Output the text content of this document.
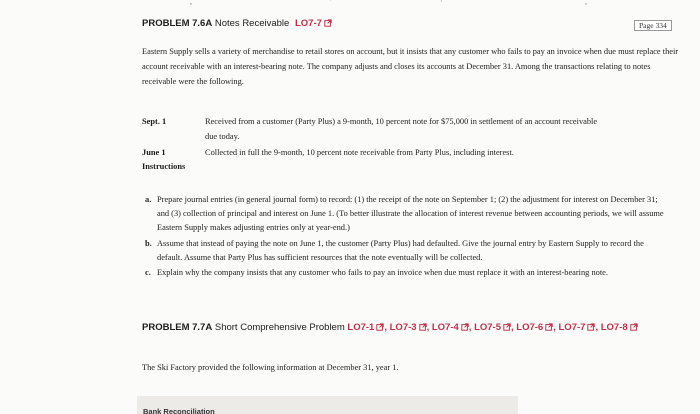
,	'	·	,
PROBLEM 7.6A Notes Receivable LO7-7	Page 334
Eastern Supply sells a variety of merchandise to retail stores on account, but it insists that any customer who fails to pay an invoice when due must replace their account receivable with an interest-bearing note. The company adjusts and closes its accounts at December 31. Among the transactions relating to notes receivable were the following.
Sept. 1	Received from a customer (Party Plus) a 9-month, 10 percent note for $75,000 in settlement of an account receivable due today.
June 1	Collected in full the 9-month, 10 percent note receivable from Party Plus, including interest.
Instructions
a. Prepare journal entries (in general journal form) to record: (1) the receipt of the note on September 1; (2) the adjustment for interest on December 31; and (3) collection of principal and interest on June 1. (To better illustrate the allocation of interest revenue between accounting periods, we will assume Eastern Supply makes adjusting entries only at year-end.)
b. Assume that instead of paying the note on June 1, the customer (Party Plus) had defaulted. Give the journal entry by Eastern Supply to record the default. Assume that Party Plus has sufficient resources that the note eventually will be collected.
c. Explain why the company insists that any customer who fails to pay an invoice when due must replace it with an interest-bearing note.
PROBLEM 7.7A Short Comprehensive Problem LO7-1 , LO7-3 , LO7-4 , LO7-5 , LO7-6 , LO7-7 , LO7-8
The Ski Factory provided the following information at December 31, year 1.
Bank Reconciliation
